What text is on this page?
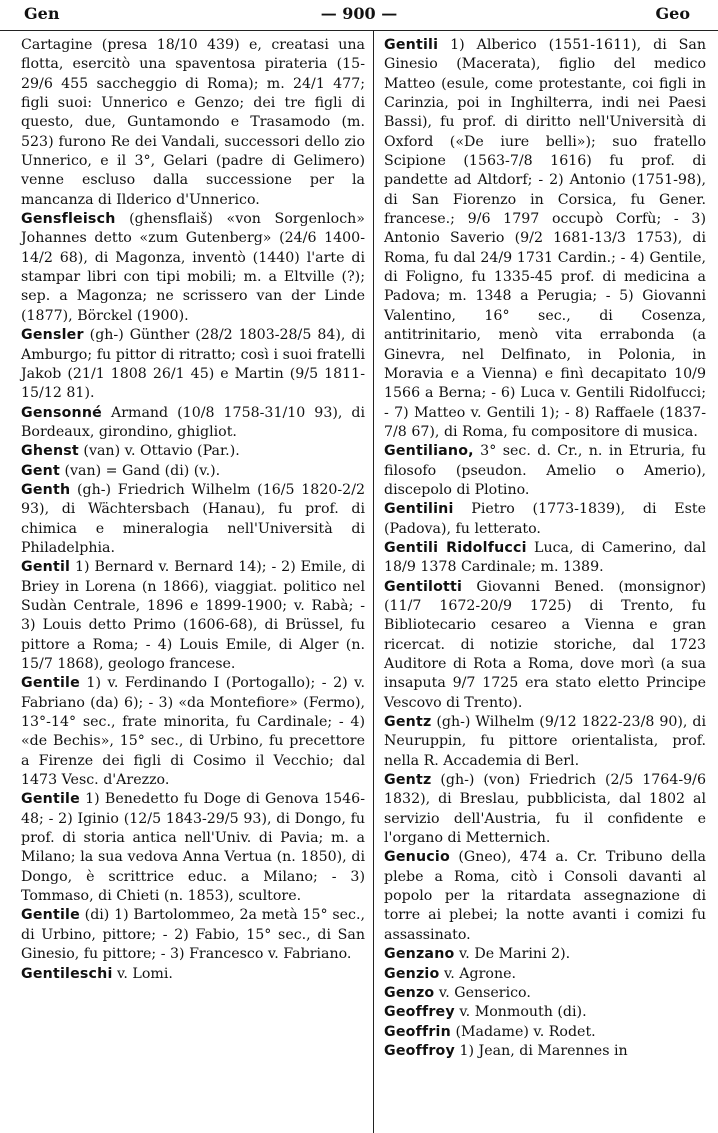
Gen	— 900 —	Geo

Cartagine (presa 18/10 439) e, creatasi una flotta, esercitò una spaventosa pirateria (15-29/6 455 saccheggio di Roma); m. 24/1 477; figli suoi: Unnerico e Genzo; dei tre figli di questo, due, Guntamondo e Trasamodo (m. 523) furono Re dei Vandali, successori dello zio Unnerico, e il 3°, Gelari (padre di Gelimero) venne escluso dalla successione per la mancanza di Ilderico d'Unnerico.

Gensfleisch (ghensflaiš) «von Sorgenloch» Johannes detto «zum Gutenberg» (24/6 1400-14/2 68), di Magonza, inventò (1440) l'arte di stampar libri con tipi mobili; m. a Eltville (?); sep. a Magonza; ne scrissero van der Linde (1877), Börckel (1900).

Gensler (gh-) Günther (28/2 1803-28/5 84), di Amburgo; fu pittor di ritratto; così i suoi fratelli Jakob (21/1 1808 26/1 45) e Martin (9/5 1811-15/12 81).

Gensonné Armand (10/8 1758-31/10 93), di Bordeaux, girondino, ghigliot.

Ghenst (van) v. Ottavio (Par.).

Gent (van) = Gand (di) (v.).

Genth (gh-) Friedrich Wilhelm (16/5 1820-2/2 93), di Wächtersbach (Hanau), fu prof. di chimica e mineralogia nell'Università di Philadelphia.

Gentil 1) Bernard v. Bernard 14); - 2) Emile, di Briey in Lorena (n 1866), viaggiat. politico nel Sudàn Centrale, 1896 e 1899-1900; v. Rabà; - 3) Louis detto Primo (1606-68), di Brüssel, fu pittore a Roma; - 4) Louis Emile, di Alger (n. 15/7 1868), geologo francese.

Gentile 1) v. Ferdinando I (Portogallo); - 2) v. Fabriano (da) 6); - 3) «da Montefiore» (Fermo), 13°-14° sec., frate minorita, fu Cardinale; - 4) «de Bechis», 15° sec., di Urbino, fu precettore a Firenze dei figli di Cosimo il Vecchio; dal 1473 Vesc. d'Arezzo.

Gentile 1) Benedetto fu Doge di Genova 1546-48; - 2) Iginio (12/5 1843-29/5 93), di Dongo, fu prof. di storia antica nell'Univ. di Pavia; m. a Milano; la sua vedova Anna Vertua (n. 1850), di Dongo, è scrittrice educ. a Milano; - 3) Tommaso, di Chieti (n. 1853), scultore.

Gentile (di) 1) Bartolommeo, 2a metà 15° sec., di Urbino, pittore; - 2) Fabio, 15° sec., di San Ginesio, fu pittore; - 3) Francesco v. Fabriano.

Gentileschi v. Lomi.

Gentili 1) Alberico (1551-1611), di San Ginesio (Macerata), figlio del medico Matteo (esule, come protestante, coi figli in Carinzia, poi in Inghilterra, indi nei Paesi Bassi), fu prof. di diritto nell'Università di Oxford («De iure belli»); suo fratello Scipione (1563-7/8 1616) fu prof. di pandette ad Altdorf; - 2) Antonio (1751-98), di San Fiorenzo in Corsica, fu Gener. francese.; 9/6 1797 occupò Corfù; - 3) Antonio Saverio (9/2 1681-13/3 1753), di Roma, fu dal 24/9 1731 Cardin.; - 4) Gentile, di Foligno, fu 1335-45 prof. di medicina a Padova; m. 1348 a Perugia; - 5) Giovanni Valentino, 16° sec., di Cosenza, antitrinitario, menò vita errabonda (a Ginevra, nel Delfinato, in Polonia, in Moravia e a Vienna) e finì decapitato 10/9 1566 a Berna; - 6) Luca v. Gentili Ridolfucci; - 7) Matteo v. Gentili 1); - 8) Raffaele (1837-7/8 67), di Roma, fu compositore di musica.

Gentiliano, 3° sec. d. Cr., n. in Etruria, fu filosofo (pseudon. Amelio o Amerio), discepolo di Plotino.

Gentilini Pietro (1773-1839), di Este (Padova), fu letterato.

Gentili Ridolfucci Luca, di Camerino, dal 18/9 1378 Cardinale; m. 1389.

Gentilotti Giovanni Bened. (monsignor) (11/7 1672-20/9 1725) di Trento, fu Bibliotecario cesareo a Vienna e gran ricercat. di notizie storiche, dal 1723 Auditore di Rota a Roma, dove morì (a sua insaputa 9/7 1725 era stato eletto Principe Vescovo di Trento).

Gentz (gh-) Wilhelm (9/12 1822-23/8 90), di Neuruppin, fu pittore orientalista, prof. nella R. Accademia di Berl.

Gentz (gh-) (von) Friedrich (2/5 1764-9/6 1832), di Breslau, pubblicista, dal 1802 al servizio dell'Austria, fu il confidente e l'organo di Metternich.

Genucio (Gneo), 474 a. Cr. Tribuno della plebe a Roma, citò i Consoli davanti al popolo per la ritardata assegnazione di torre ai plebei; la notte avanti i comizi fu assassinato.

Genzano v. De Marini 2).

Genzio v. Agrone.

Genzo v. Genserico.

Geoffrey v. Monmouth (di).

Geoffrin (Madame) v. Rodet.

Geoffroy 1) Jean, di Marennes in
